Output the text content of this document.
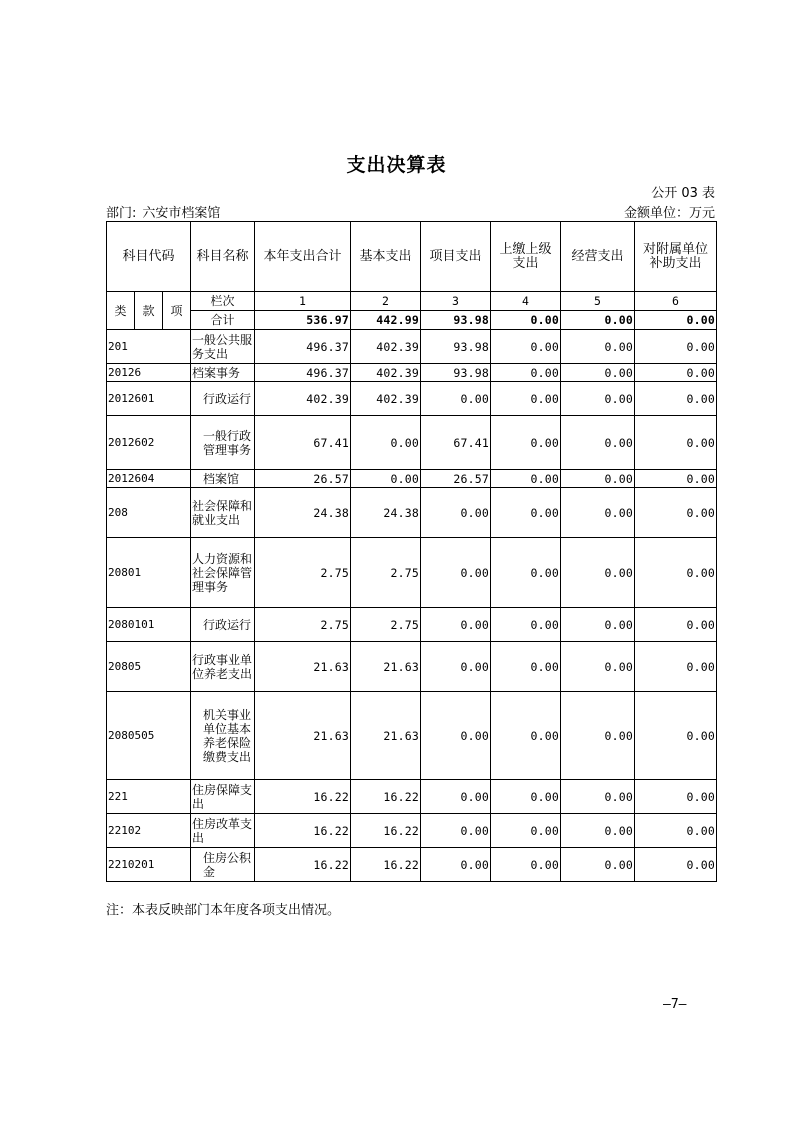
支出决算表
公开 03 表
部门: 六安市档案馆	金额单位：万元
科目代码			科目名称	本年支出合计	基本支出	项目支出	上缴上级支出	经营支出	对附属单位补助支出
类	款	项	栏次	1	2	3	4	5	6
			合计	536.97	442.99	93.98	0.00	0.00	0.00
201			一般公共服务支出	496.37	402.39	93.98	0.00	0.00	0.00
20126			档案事务	496.37	402.39	93.98	0.00	0.00	0.00
2012601			行政运行	402.39	402.39	0.00	0.00	0.00	0.00
2012602			一般行政管理事务	67.41	0.00	67.41	0.00	0.00	0.00
2012604			档案馆	26.57	0.00	26.57	0.00	0.00	0.00
208			社会保障和就业支出	24.38	24.38	0.00	0.00	0.00	0.00
20801			人力资源和社会保障管理事务	2.75	2.75	0.00	0.00	0.00	0.00
2080101			行政运行	2.75	2.75	0.00	0.00	0.00	0.00
20805			行政事业单位养老支出	21.63	21.63	0.00	0.00	0.00	0.00
2080505			机关事业单位基本养老保险缴费支出	21.63	21.63	0.00	0.00	0.00	0.00
221			住房保障支出	16.22	16.22	0.00	0.00	0.00	0.00
22102			住房改革支出	16.22	16.22	0.00	0.00	0.00	0.00
2210201			住房公积金	16.22	16.22	0.00	0.00	0.00	0.00
注：本表反映部门本年度各项支出情况。
—7—
